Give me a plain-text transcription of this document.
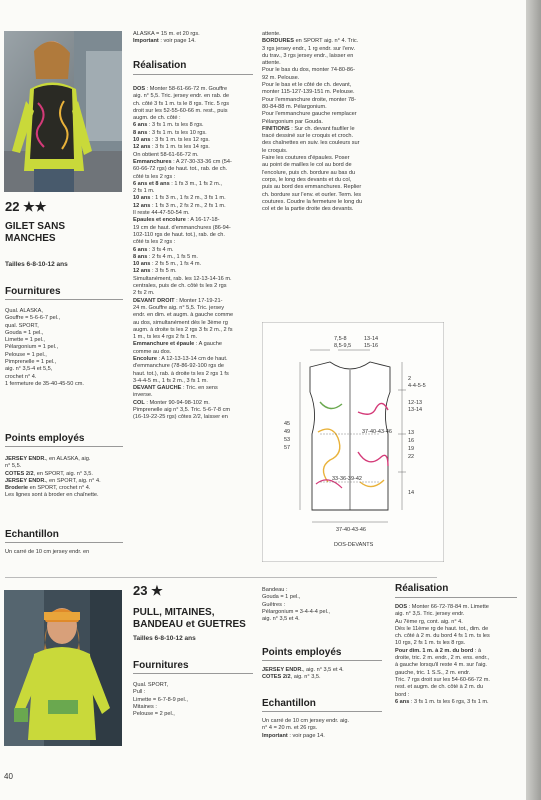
22 ★★
GILET SANS
MANCHES
Tailles 6-8-10-12 ans
Fournitures
Qual. ALASKA,
Gouffre = 5-6-6-7 pel.,
qual. SPORT,
Gouda = 1 pel.,
Limette = 1 pel.,
Pélargonium = 1 pel.,
Pelouse = 1 pel.,
Pimprenelle = 1 pel.,
aig. n° 3,5-4 et 5,5,
crochet n° 4.
1 fermeture de 35-40-45-50 cm.
Points employés
JERSEY ENDR., en ALASKA, aig.
n° 5,5.
COTES 2/2, en SPORT, aig. n° 3,5.
JERSEY ENDR., en SPORT, aig. n° 4.
Broderie en SPORT, crochet n° 4.
Les lignes sont à broder en chaînette.
Echantillon
Un carré de 10 cm jersey endr. en
ALASKA = 15 m. et 20 rgs.
Important : voir page 14.
Réalisation
DOS : Monter 58-61-66-72 m. Gouffre
aig. n° 5,5. Tric. jersey endr. en rab. de
ch. côté 3 fs 1 m. ts le 8 rgs. Tric. 5 rgs
droit sur les 52-55-60-66 m. rest., puis
augm. de ch. côté :
6 ans : 3 fs 1 m. ts les 8 rgs.
8 ans : 3 fs 1 m. ts les 10 rgs.
10 ans : 3 fs 1 m. ts les 12 rgs.
12 ans : 3 fs 1 m. ts les 14 rgs.
On obtient 58-61-66-72 m.
Emmanchures : A 27-30-33-36 cm (54-
60-66-72 rgs) de haut. tot., rab. de ch.
côté ts les 2 rgs :
6 ans et 8 ans : 1 fs 3 m., 1 fs 2 m.,
2 fs 1 m.
10 ans : 1 fs 3 m., 1 fs 2 m., 3 fs 1 m.
12 ans : 1 fs 3 m., 2 fs 2 m., 2 fs 1 m.
Il reste 44-47-50-54 m.
Epaules et encolure : A 16-17-18-
19 cm de haut. d'emmanchures (86-94-
102-110 rgs de haut. tot.), rab. de ch.
côté ts les 2 rgs :
6 ans : 3 fs 4 m.
8 ans : 2 fs 4 m., 1 fs 5 m.
10 ans : 2 fs 5 m., 1 fs 4 m.
12 ans : 3 fs 5 m.
Simultanément, rab. les 12-13-14-16 m.
centrales, puis de ch. côté ts les 2 rgs
2 fs 2 m.
DEVANT DROIT : Monter 17-19-21-
24 m. Gouffre aig. n° 5,5. Tric. jersey
endr. en dim. et augm. à gauche comme
au dos, simultanément dès le 3ème rg
augm. à droite ts les 2 rgs 3 fs 2 m., 2 fs
1 m., ts les 4 rgs 2 fs 1 m.
Emmanchure et épaule : A gauche
comme au dos.
Encolure : A 12-13-13-14 cm de haut.
d'emmanchure (78-86-92-100 rgs de
haut. tot.), rab. à droite ts les 2 rgs 1 fs
3-4-4-5 m., 1 fs 2 m., 3 fs 1 m.
DEVANT GAUCHE : Tric. en sens
inverse.
COL : Monter 90-94-98-102 m.
Pimprenelle aig n° 3,5. Tric. 5-6-7-8 cm
(16-19-22-25 rgs) côtes 2/2, laisser en
attente.
BORDURES en SPORT aig. n° 4. Tric.
3 rgs jersey endr., 1 rg endr. sur l'env.
du trav., 3 rgs jersey endr., laisser en
attente.
Pour le bas du dos, monter 74-80-86-
92 m. Pelouse.
Pour le bas et le côté de ch. devant,
monter 115-127-139-151 m. Pelouse.
Pour l'emmanchure droite, monter 78-
80-84-88 m. Pélargonium.
Pour l'emmanchure gauche remplacer
Pélargonium par Gouda.
FINITIONS : Sur ch. devant faufiler le
tracé dessiné sur le croquis et croch.
des chaînettes en suiv. les couleurs sur
le croquis.
Faire les coutures d'épaules. Poser
au point de mailles le col au bord de
l'encolure, puis ch. bordure au bas du
corps, le long des devants et du col,
puis au bord des emmanchures. Replier
ch. bordure sur l'env. et ourler. Term. les
coutures. Coudre la fermeture le long du
col et de la partie droite des devants.
7,5-8
8,5-9,5
13-14
15-16
2
4-4-5-5
12-13
13-14
13
16
19
22
14
45
49
53
57
37-40-43-46
33-36-39-42
37-40-43-46
DOS-DEVANTS
23 ★
PULL, MITAINES,
BANDEAU et GUETRES
Tailles 6-8-10-12 ans
Fournitures
Qual. SPORT,
Pull :
Limette = 6-7-8-9 pel.,
Mitaines :
Pelouse = 2 pel.,
Bandeau :
Gouda = 1 pel.,
Guêtres :
Pélargonium = 3-4-4-4 pel.,
aig. n° 3,5 et 4.
Points employés
JERSEY ENDR., aig. n° 3,5 et 4.
COTES 2/2, aig. n° 3,5.
Echantillon
Un carré de 10 cm jersey endr. aig.
n° 4 = 20 m. et 26 rgs.
Important : voir page 14.
Réalisation
DOS : Monter 66-72-78-84 m. Limette
aig. n° 3,5. Tric. jersey endr.
Au 7ème rg, cont. aig. n° 4.
Dès le 11ème rg de haut. tot., dim. de
ch. côté à 2 m. du bord 4 fs 1 m. ts les
10 rgs, 2 fs 1 m. ts les 8 rgs.
Pour dim. 1 m. à 2 m. du bord : à
droite, tric. 2 m. endr., 2 m. ens. endr.,
à gauche lorsqu'il reste 4 m. sur l'aig.
gauche, tric. 1 S.S., 2 m. endr.
Tric. 7 rgs droit sur les 54-60-66-72 m.
rest. et augm. de ch. côté à 2 m. du
bord :
6 ans : 3 fs 1 m. ts les 6 rgs, 3 fs 1 m.
40
